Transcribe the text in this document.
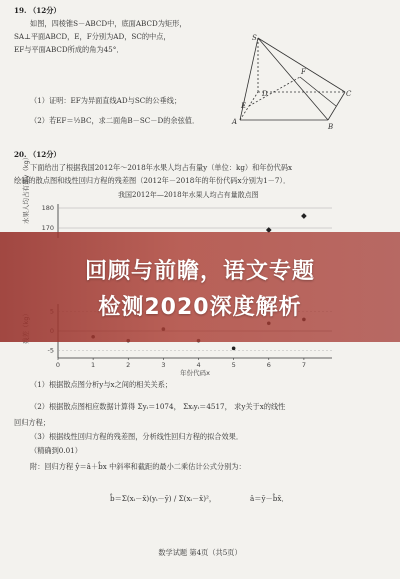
19. （12分）
如图，四棱锥S－ABCD中，底面ABCD为矩形，
SA⊥平面ABCD，E，F分别为AD，SC的中点，
EF与平面ABCD所成的角为45°．
（1）证明：EF为异面直线AD与SC的公垂线；
（2）若EF＝½BC，求二面角B－SC－D的余弦值．
S
A
B
C
D
E
F
20. （12分）
下面给出了根据我国2012年～2018年水果人均占有量y（单位：kg）和年份代码x
绘制的散点图和线性回归方程的残差图（2012年－2018年的年份代码x分别为1－7）．
我国2012年—2018年水果人均占有量散点图
水果人均占有量y（kg） 180
170
-5
0	1	2	3	4	5	6	7
年份代码x
（1）根据散点图分析y与x之间的相关关系；
（2）根据散点图相应数据计算得 Σyᵢ＝1074， Σxᵢyᵢ＝4517， 求y关于x的线性
回归方程；
（3）根据线性回归方程的残差图，分析线性回归方程的拟合效果．
（精确到0.01）
附：回归方程 ŷ＝â＋b̂x 中斜率和截距的最小二乘估计公式分别为：
b̂＝Σ(xᵢ－x̄)(yᵢ－ȳ) / Σ(xᵢ－x̄)²，	â＝ȳ－b̂x̄．
数学试题 第4页（共5页）
回顾与前瞻，语文专题
检测2020深度解析
